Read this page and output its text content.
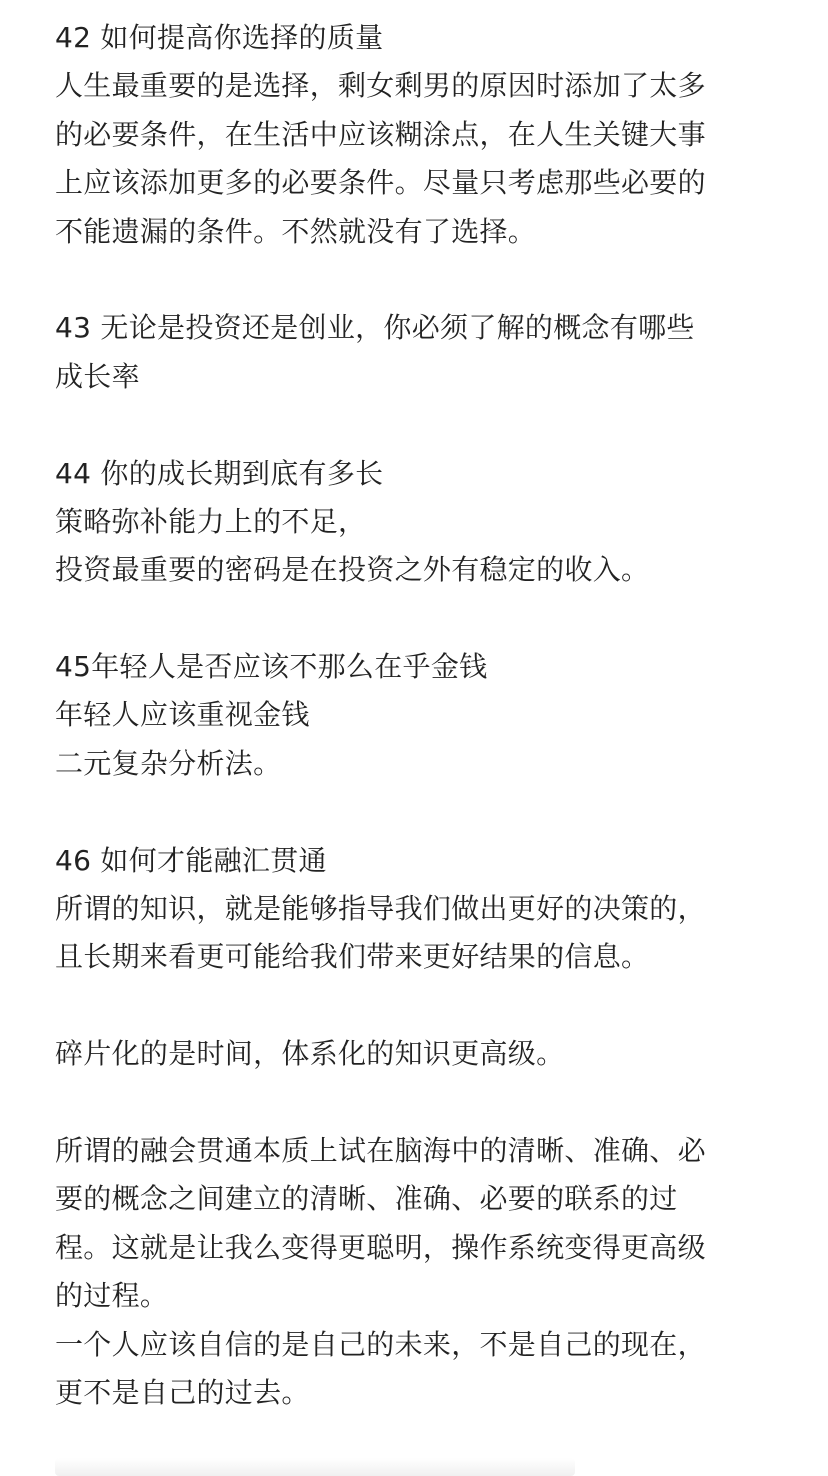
42 如何提高你选择的质量
人生最重要的是选择，剩女剩男的原因时添加了太多
的必要条件，在生活中应该糊涂点，在人生关键大事
上应该添加更多的必要条件。尽量只考虑那些必要的
不能遗漏的条件。不然就没有了选择。
43 无论是投资还是创业，你必须了解的概念有哪些
成长率
44 你的成长期到底有多长
策略弥补能力上的不足，
投资最重要的密码是在投资之外有稳定的收入。
45年轻人是否应该不那么在乎金钱
年轻人应该重视金钱
二元复杂分析法。
46 如何才能融汇贯通
所谓的知识，就是能够指导我们做出更好的决策的，
且长期来看更可能给我们带来更好结果的信息。
碎片化的是时间，体系化的知识更高级。
所谓的融会贯通本质上试在脑海中的清晰、准确、必
要的概念之间建立的清晰、准确、必要的联系的过
程。这就是让我么变得更聪明，操作系统变得更高级
的过程。
一个人应该自信的是自己的未来，不是自己的现在，
更不是自己的过去。
